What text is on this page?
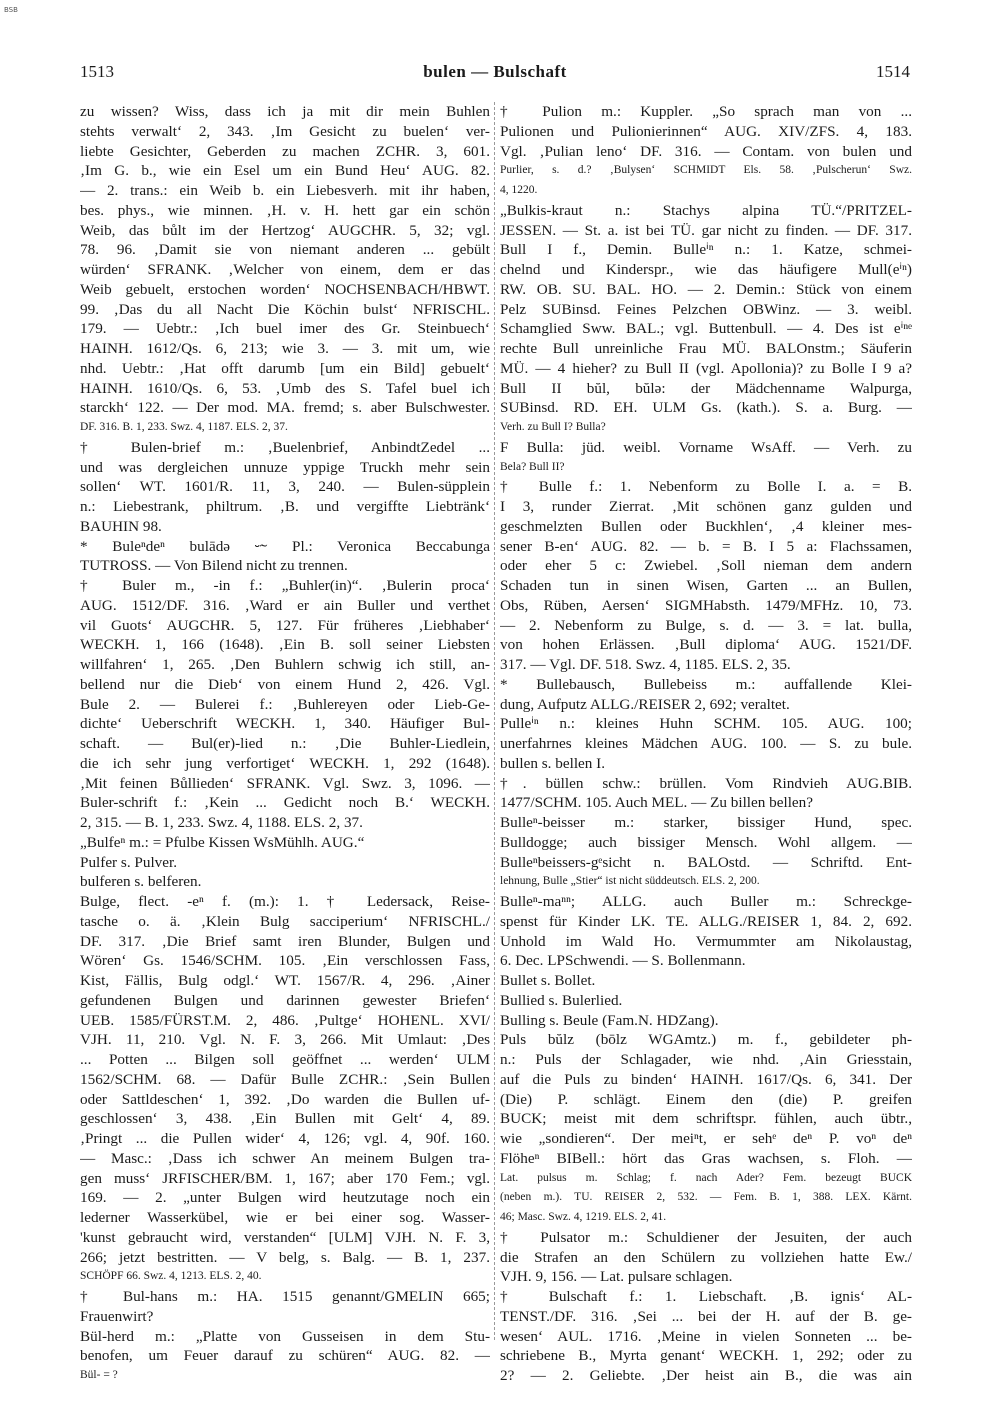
BSB
1513	bulen — Bulschaft	1514
zu wissen? Wiss, dass ich ja mit dir mein Buhlen
stehts verwalt‘ 2, 343. ‚Im Gesicht zu buelen‘ ver-
liebte Gesichter, Geberden zu machen ZCHR. 3, 601.
‚Im G. b., wie ein Esel um ein Bund Heu‘ AUG. 82.
— 2. trans.: ein Weib b. ein Liebesverh. mit ihr haben,
bes. phys., wie minnen. ‚H. v. H. hett gar ein schön
Weib, das bůlt im der Hertzog‘ AUGCHR. 5, 32; vgl.
78. 96. ‚Damit sie von niemant anderen ... gebült
würden‘ SFRANK. ‚Welcher von einem, dem er das
Weib gebuelt, erstochen worden‘ NOCHSENBACH/HBWT.
99. ‚Das du all Nacht Die Köchin bulst‘ NFRISCHL.
179. — Uebtr.: ‚Ich buel imer des Gr. Steinbuech‘
HAINH. 1612/Qs. 6, 213; wie 3. — 3. mit um, wie
nhd. Uebtr.: ‚Hat offt darumb [um ein Bild] gebuelt‘
HAINH. 1610/Qs. 6, 53. ‚Umb des S. Tafel buel ich
starckh‘ 122. — Der mod. MA. fremd; s. aber Bulschwester.
DF. 316. B. 1, 233. Swz. 4, 1187. ELS. 2, 37.
† Bulen-brief m.: ‚Buelenbrief, AnbindtZedel ...
und was dergleichen unnuze yppige Truckh mehr sein
sollen‘ WT. 1601/R. 11, 3, 240. — Bulen-süpplein
n.: Liebestrank, philtrum. ‚B. und vergiffte Liebtränk‘
BAUHIN 98.
* Buleⁿdeⁿ bulādə ⏑⁓ Pl.: Veronica Beccabunga
TUTROSS. — Von Bilend nicht zu trennen.
† Buler m., -in f.: „Buhler(in)“. ‚Bulerin proca‘
AUG. 1512/DF. 316. ‚Ward er ain Buller und verthet
vil Guots‘ AUGCHR. 5, 127. Für früheres ‚Liebhaber‘
WECKH. 1, 166 (1648). ‚Ein B. soll seiner Liebsten
willfahren‘ 1, 265. ‚Den Buhlern schwig ich still, an-
bellend nur die Dieb‘ von einem Hund 2, 426. Vgl.
Bule 2. — Bulerei f.: ‚Buhlereyen oder Lieb-Ge-
dichte‘ Ueberschrift WECKH. 1, 340. Häufiger Bul-
schaft. — Bul(er)-lied n.: ‚Die Buhler-Liedlein,
die ich sehr jung verfortiget‘ WECKH. 1, 292 (1648).
‚Mit feinen Bůllieden‘ SFRANK. Vgl. Swz. 3, 1096. —
Buler-schrift f.: ‚Kein ... Gedicht noch B.‘ WECKH.
2, 315. — B. 1, 233. Swz. 4, 1188. ELS. 2, 37.
„Bulfeⁿ m.: = Pfulbe Kissen WsMühlh. AUG.“
Pulfer s. Pulver.
bulferen s. belferen.
Bulge, flect. -eⁿ f. (m.): 1. † Ledersack, Reise-
tasche o. ä. ‚Klein Bulg sacciperium‘ NFRISCHL./
DF. 317. ‚Die Brief samt iren Blunder, Bulgen und
Wören‘ Gs. 1546/SCHM. 105. ‚Ein verschlossen Fass,
Kist, Fällis, Bulg odgl.‘ WT. 1567/R. 4, 296. ‚Ainer
gefundenen Bulgen und darinnen gewester Briefen‘
UEB. 1585/FÜRST.M. 2, 486. ‚Pultge‘ HOHENL. XVI/
VJH. 11, 210. Vgl. N. F. 3, 266. Mit Umlaut: ‚Des
... Potten ... Bilgen soll geöffnet ... werden‘ ULM
1562/SCHM. 68. — Dafür Bulle ZCHR.: ‚Sein Bullen
oder Sattldeschen‘ 1, 392. ‚Do warden die Bullen uf-
geschlossen‘ 3, 438. ‚Ein Bullen mit Gelt‘ 4, 89.
‚Pringt ... die Pullen wider‘ 4, 126; vgl. 4, 90f. 160.
— Masc.: ‚Dass ich schwer An meinem Bulgen tra-
gen muss‘ JRFISCHER/BM. 1, 167; aber 170 Fem.; vgl.
169. — 2. „unter Bulgen wird heutzutage noch ein
lederner Wasserkübel, wie er bei einer sog. Wasser-
'kunst gebraucht wird, verstanden“ [ULM] VJH. N. F. 3,
266; jetzt bestritten. — V belg, s. Balg. — B. 1, 237.
SCHÖPF 66. Swz. 4, 1213. ELS. 2, 40.
† Bul-hans m.: HA. 1515 genannt/GMELIN 665;
Frauenwirt?
Bül-herd m.: „Platte von Gusseisen in dem Stu-
benofen, um Feuer darauf zu schüren“ AUG. 82. —
Bül- = ?
† Pulion m.: Kuppler. „So sprach man von ...
Pulionen und Pulionierinnen“ AUG. XIV/ZFS. 4, 183.
Vgl. ‚Pulian leno‘ DF. 316. — Contam. von bulen und
Purlier, s. d.? ‚Bulysen‘ SCHMIDT Els. 58. ‚Pulscherun‘ Swz.
4, 1220.
„Bulkis-kraut n.: Stachys alpina TÜ.“/PRITZEL-
JESSEN. — St. a. ist bei TÜ. gar nicht zu finden. — DF. 317.
Bull I f., Demin. Bulleⁱⁿ n.: 1. Katze, schmei-
chelnd und Kinderspr., wie das häufigere Mull(eⁱⁿ)
RW. OB. SU. BAL. HO. — 2. Demin.: Stück von einem
Pelz SUBinsd. Feines Pelzchen OBWinz. — 3. weibl.
Schamglied Sww. BAL.; vgl. Buttenbull. — 4. Des ist eⁱⁿᵉ
rechte Bull unreinliche Frau MÜ. BALOnstm.; Säuferin
MÜ. — 4 hieher? zu Bull II (vgl. Apollonia)? zu Bolle I 9 a?
Bull II bŭl, bŭlə: der Mädchenname Walpurga,
SUBinsd. RD. EH. ULM Gs. (kath.). S. a. Burg. —
Verh. zu Bull I? Bulla?
F Bulla: jüd. weibl. Vorname WsAff. — Verh. zu
Bela? Bull II?
† Bulle f.: 1. Nebenform zu Bolle I. a. = B.
I 3, runder Zierrat. ‚Mit schönen ganz gulden und
geschmelzten Bullen oder Buckhlen‘, ‚4 kleiner mes-
sener B-en‘ AUG. 82. — b. = B. I 5 a: Flachssamen,
oder eher 5 c: Zwiebel. ‚Soll nieman dem andern
Schaden tun in sinen Wisen, Garten ... an Bullen,
Obs, Rüben, Aersen‘ SIGMHabsth. 1479/MFHz. 10, 73.
— 2. Nebenform zu Bulge, s. d. — 3. = lat. bulla,
von hohen Erlässen. ‚Bull diploma‘ AUG. 1521/DF.
317. — Vgl. DF. 518. Swz. 4, 1185. ELS. 2, 35.
* Bullebausch, Bullebeiss m.: auffallende Klei-
dung, Aufputz ALLG./REISER 2, 692; veraltet.
Pulleⁱⁿ n.: kleines Huhn SCHM. 105. AUG. 100;
unerfahrnes kleines Mädchen AUG. 100. — S. zu bule.
bullen s. bellen I.
†. büllen schw.: brüllen. Vom Rindvieh AUG.BIB.
1477/SCHM. 105. Auch MEL. — Zu billen bellen?
Bulleⁿ-beisser m.: starker, bissiger Hund, spec.
Bulldogge; auch bissiger Mensch. Wohl allgem. —
Bulleⁿbeissers-gᵉsicht n. BALOstd. — Schriftd. Ent-
lehnung, Bulle „Stier“ ist nicht süddeutsch. ELS. 2, 200.
Bulleⁿ-maⁿⁿ; ALLG. auch Buller m.: Schreckge-
spenst für Kinder LK. TE. ALLG./REISER 1, 84. 2, 692.
Unhold im Wald Ho. Vermummter am Nikolaustag,
6. Dec. LPSchwendi. — S. Bollenmann.
Bullet s. Bollet.
Bullied s. Bulerlied.
Bulling s. Beule (Fam.N. HDZang).
Puls bŭlz (bōlz WGAmtz.) m. f., gebildeter ph-
n.: Puls der Schlagader, wie nhd. ‚Ain Griesstain,
auf die Puls zu binden‘ HAINH. 1617/Qs. 6, 341. Der
(Die) P. schlägt. Einem den (die) P. greifen
BUCK; meist mit dem schriftspr. fühlen, auch übtr.,
wie „sondieren“. Der meiⁿt, er sehᵉ deⁿ P. voⁿ deⁿ
Flöheⁿ BIBell.: hört das Gras wachsen, s. Floh. —
Lat. pulsus m. Schlag; f. nach Ader? Fem. bezeugt BUCK
(neben m.). TU. REISER 2, 532. — Fem. B. 1, 388. LEX. Kärnt.
46; Masc. Swz. 4, 1219. ELS. 2, 41.
† Pulsator m.: Schuldiener der Jesuiten, der auch
die Strafen an den Schülern zu vollziehen hatte Ew./
VJH. 9, 156. — Lat. pulsare schlagen.
† Bulschaft f.: 1. Liebschaft. ‚B. ignis‘ AL-
TENST./DF. 316. ‚Sei ... bei der H. auf der B. ge-
wesen‘ AUL. 1716. ‚Meine in vielen Sonneten ... be-
schriebene B., Myrta genant‘ WECKH. 1, 292; oder zu
2? — 2. Geliebte. ‚Der heist ain B., die was ain
